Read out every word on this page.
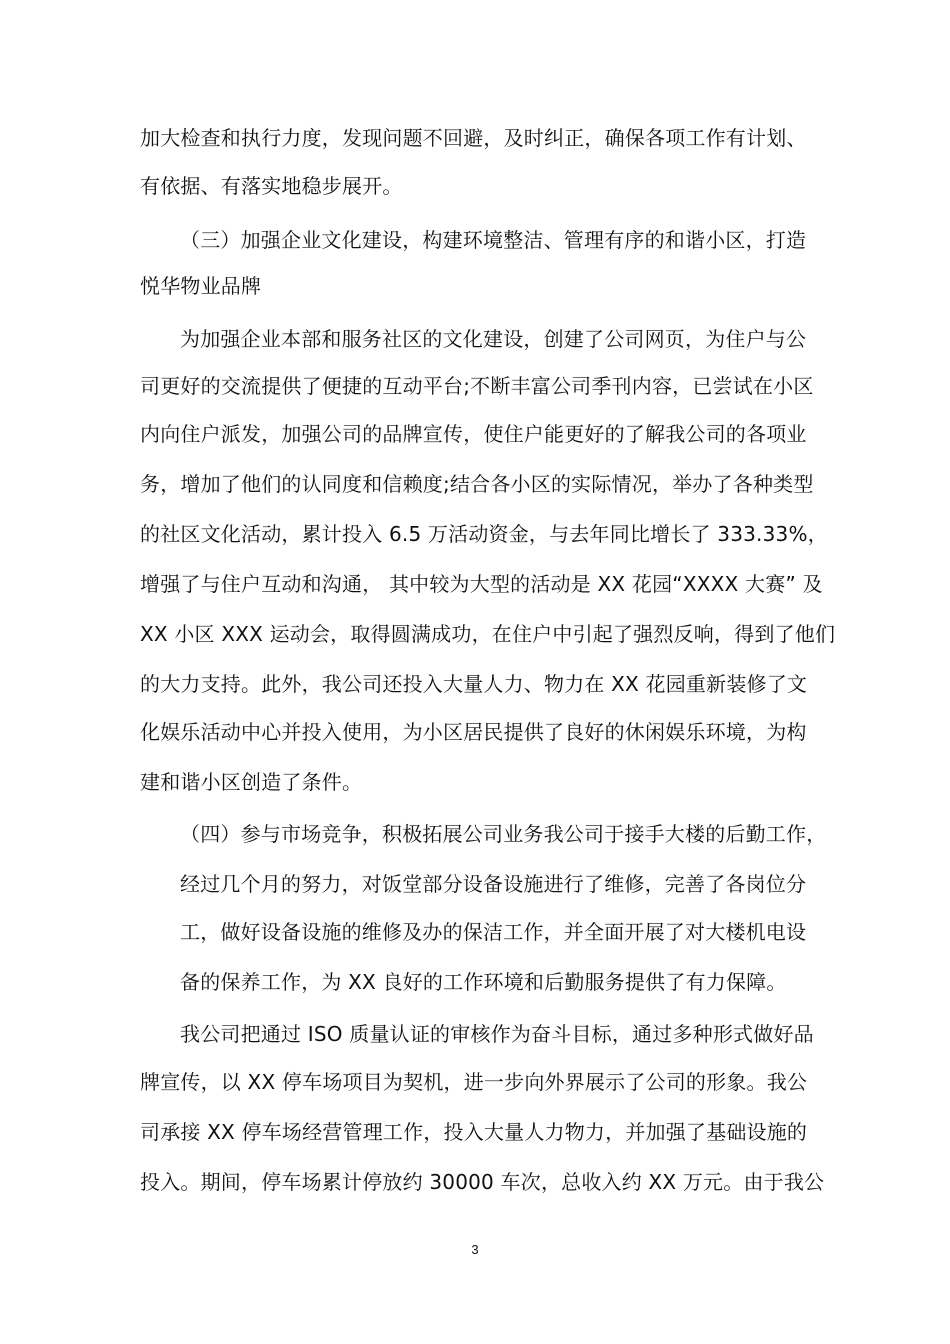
加大检查和执行力度，发现问题不回避，及时纠正，确保各项工作有计划、
有依据、有落实地稳步展开。
（三）加强企业文化建设，构建环境整洁、管理有序的和谐小区，打造
悦华物业品牌
为加强企业本部和服务社区的文化建设，创建了公司网页，为住户与公
司更好的交流提供了便捷的互动平台;不断丰富公司季刊内容，已尝试在小区
内向住户派发，加强公司的品牌宣传，使住户能更好的了解我公司的各项业
务，增加了他们的认同度和信赖度;结合各小区的实际情况，举办了各种类型
的社区文化活动，累计投入 6.5 万活动资金，与去年同比增长了 333.33%，
增强了与住户互动和沟通， 其中较为大型的活动是 XX 花园“XXXX 大赛” 及
XX 小区 XXX 运动会，取得圆满成功，在住户中引起了强烈反响，得到了他们
的大力支持。此外，我公司还投入大量人力、物力在 XX 花园重新装修了文
化娱乐活动中心并投入使用，为小区居民提供了良好的休闲娱乐环境，为构
建和谐小区创造了条件。
（四）参与市场竞争，积极拓展公司业务我公司于接手大楼的后勤工作，
经过几个月的努力，对饭堂部分设备设施进行了维修，完善了各岗位分
工，做好设备设施的维修及办的保洁工作，并全面开展了对大楼机电设
备的保养工作，为 XX 良好的工作环境和后勤服务提供了有力保障。
我公司把通过 ISO 质量认证的审核作为奋斗目标，通过多种形式做好品
牌宣传，以 XX 停车场项目为契机，进一步向外界展示了公司的形象。我公
司承接 XX 停车场经营管理工作，投入大量人力物力，并加强了基础设施的
投入。期间，停车场累计停放约 30000 车次，总收入约 XX 万元。由于我公
3
